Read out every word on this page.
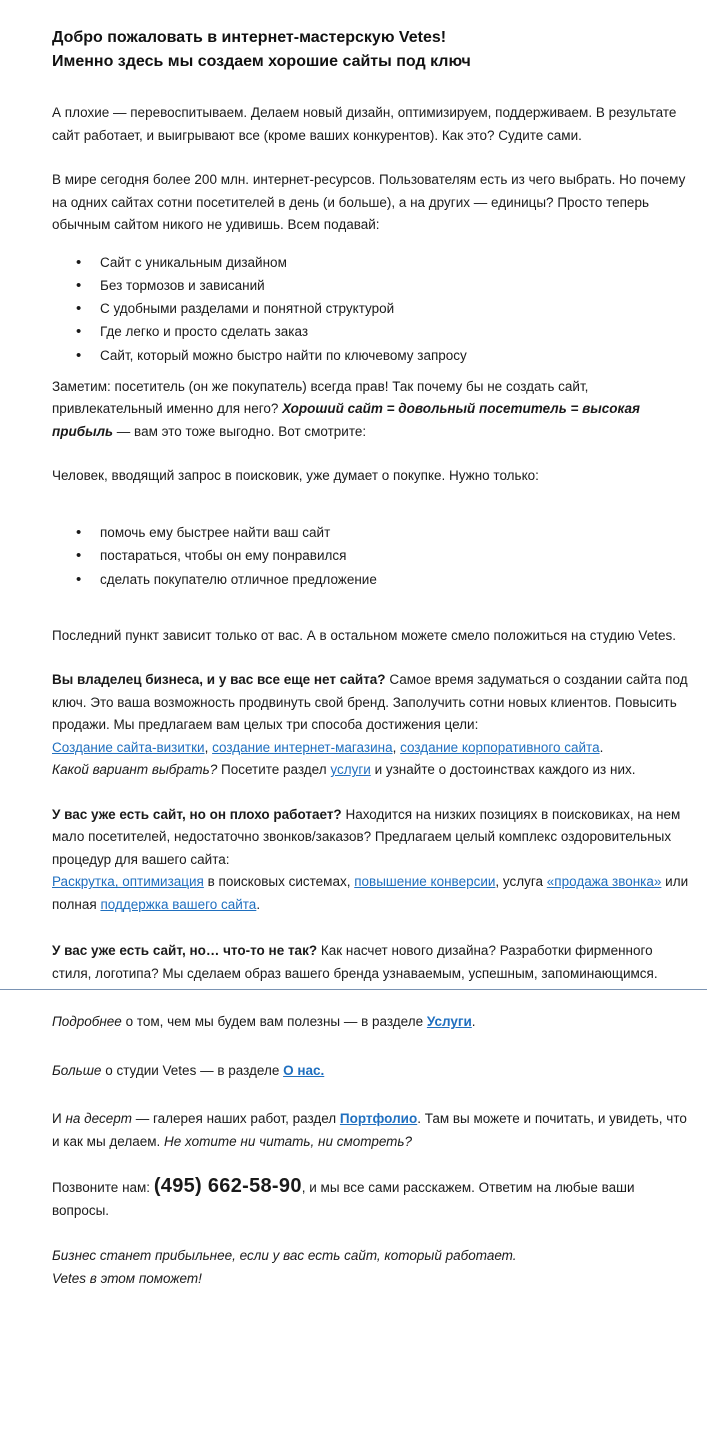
Добро пожаловать в интернет-мастерскую Vetes!
Именно здесь мы создаем хорошие сайты под ключ

А плохие — перевоспитываем. Делаем новый дизайн, оптимизируем, поддерживаем. В результате сайт работает, и выигрывают все (кроме ваших конкурентов). Как это? Судите сами.

В мире сегодня более 200 млн. интернет-ресурсов. Пользователям есть из чего выбрать. Но почему на одних сайтах сотни посетителей в день (и больше), а на других — единицы? Просто теперь обычным сайтом никого не удивишь. Всем подавай:

• Сайт с уникальным дизайном
• Без тормозов и зависаний
• С удобными разделами и понятной структурой
• Где легко и просто сделать заказ
• Сайт, который можно быстро найти по ключевому запросу

Заметим: посетитель (он же покупатель) всегда прав! Так почему бы не создать сайт, привлекательный именно для него? Хороший сайт = довольный посетитель = высокая прибыль — вам это тоже выгодно. Вот смотрите:

Человек, вводящий запрос в поисковик, уже думает о покупке. Нужно только:

• помочь ему быстрее найти ваш сайт
• постараться, чтобы он ему понравился
• сделать покупателю отличное предложение

Последний пункт зависит только от вас. А в остальном можете смело положиться на студию Vetes.

Вы владелец бизнеса, и у вас все еще нет сайта? Самое время задуматься о создании сайта под ключ. Это ваша возможность продвинуть свой бренд. Заполучить сотни новых клиентов. Повысить продажи. Мы предлагаем вам целых три способа достижения цели:
Создание сайта-визитки, создание интернет-магазина, создание корпоративного сайта.
Какой вариант выбрать? Посетите раздел услуги и узнайте о достоинствах каждого из них.

У вас уже есть сайт, но он плохо работает? Находится на низких позициях в поисковиках, на нем мало посетителей, недостаточно звонков/заказов? Предлагаем целый комплекс оздоровительных процедур для вашего сайта:
Раскрутка, оптимизация в поисковых системах, повышение конверсии, услуга «продажа звонка» или полная поддержка вашего сайта.

У вас уже есть сайт, но… что-то не так? Как насчет нового дизайна? Разработки фирменного стиля, логотипа? Мы сделаем образ вашего бренда узнаваемым, успешным, запоминающимся.

Подробнее о том, чем мы будем вам полезны — в разделе Услуги.

Больше о студии Vetes — в разделе О нас.

И на десерт — галерея наших работ, раздел Портфолио. Там вы можете и почитать, и увидеть, что и как мы делаем. Не хотите ни читать, ни смотреть?

Позвоните нам: (495) 662-58-90, и мы все сами расскажем. Ответим на любые ваши вопросы.

Бизнес станет прибыльнее, если у вас есть сайт, который работает.
Vetes в этом поможет!
